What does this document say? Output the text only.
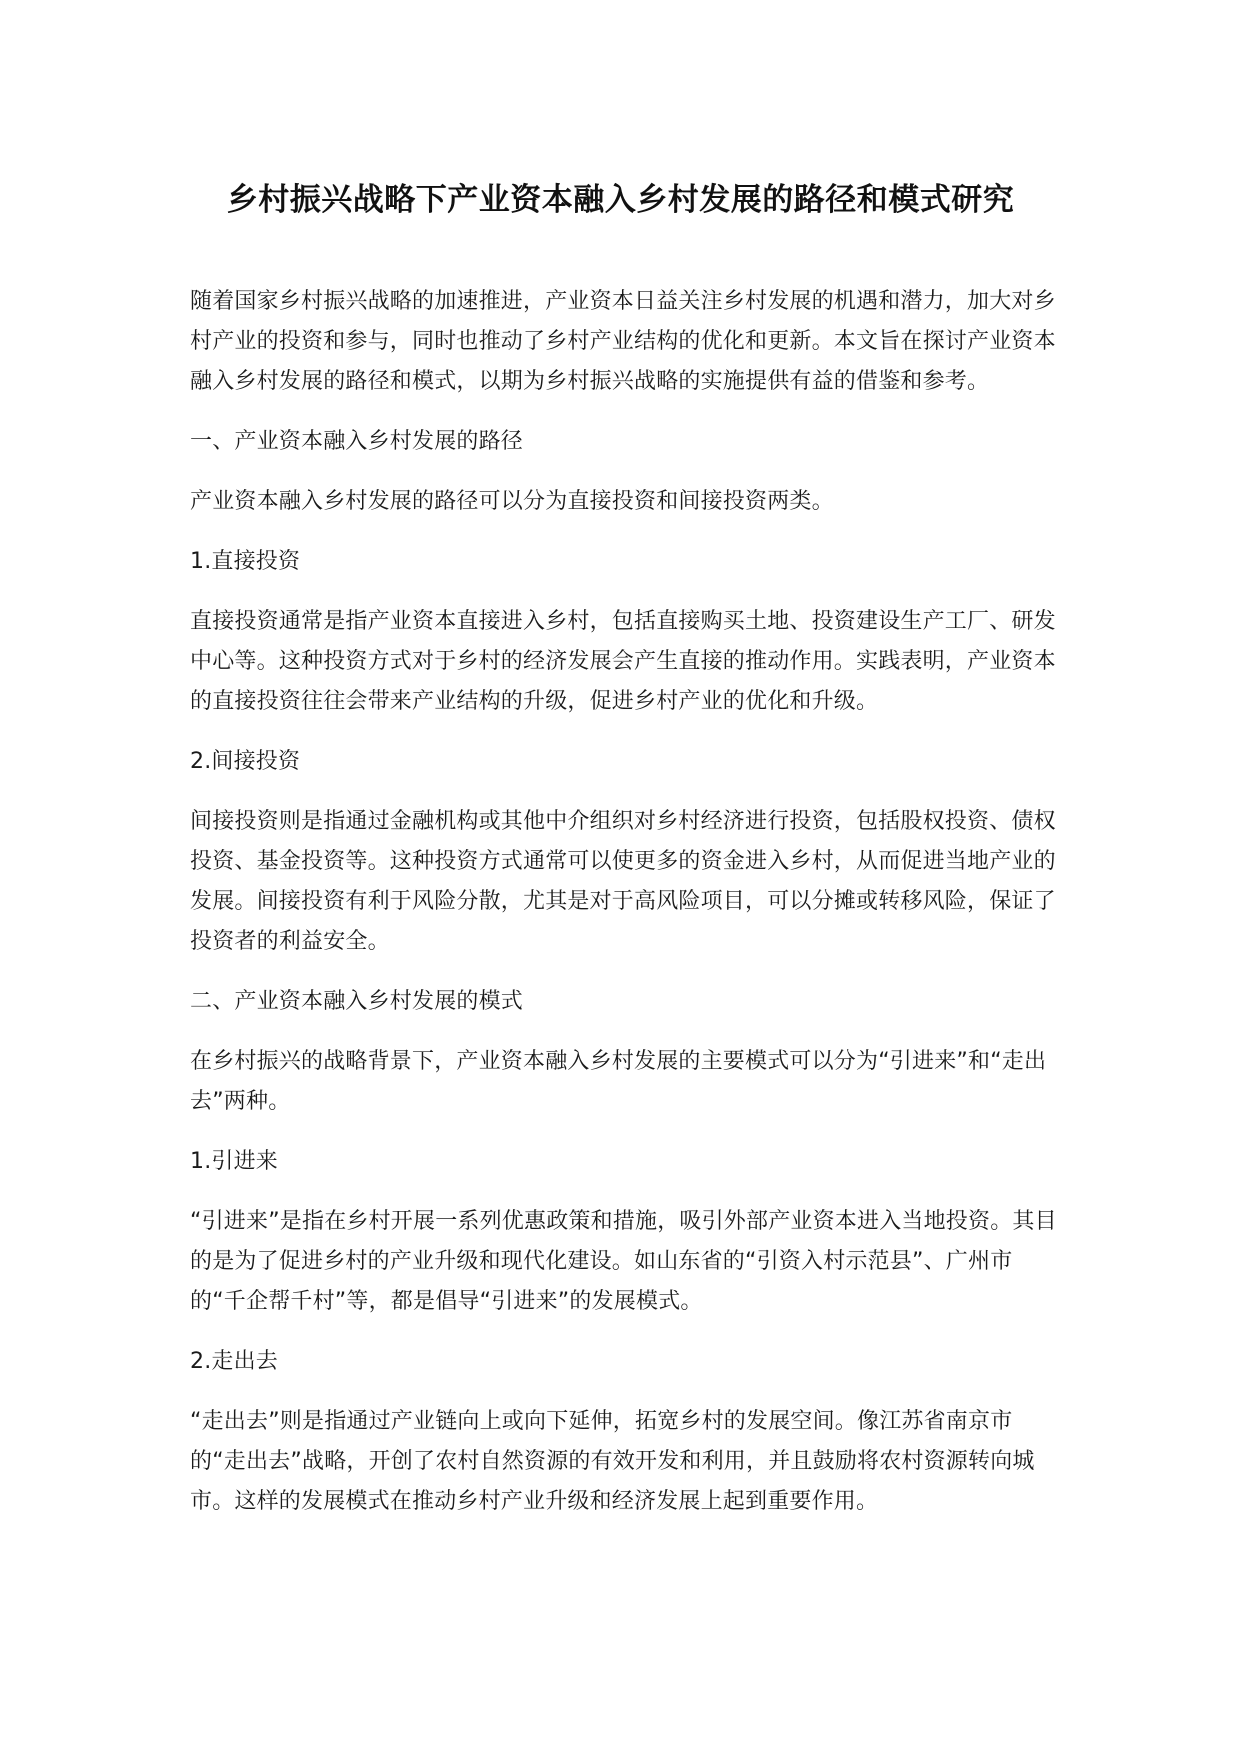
乡村振兴战略下产业资本融入乡村发展的路径和模式研究

随着国家乡村振兴战略的加速推进，产业资本日益关注乡村发展的机遇和潜力，加大对乡村产业的投资和参与，同时也推动了乡村产业结构的优化和更新。本文旨在探讨产业资本融入乡村发展的路径和模式，以期为乡村振兴战略的实施提供有益的借鉴和参考。

一、产业资本融入乡村发展的路径

产业资本融入乡村发展的路径可以分为直接投资和间接投资两类。

1.直接投资

直接投资通常是指产业资本直接进入乡村，包括直接购买土地、投资建设生产工厂、研发中心等。这种投资方式对于乡村的经济发展会产生直接的推动作用。实践表明，产业资本的直接投资往往会带来产业结构的升级，促进乡村产业的优化和升级。

2.间接投资

间接投资则是指通过金融机构或其他中介组织对乡村经济进行投资，包括股权投资、债权投资、基金投资等。这种投资方式通常可以使更多的资金进入乡村，从而促进当地产业的发展。间接投资有利于风险分散，尤其是对于高风险项目，可以分摊或转移风险，保证了投资者的利益安全。

二、产业资本融入乡村发展的模式

在乡村振兴的战略背景下，产业资本融入乡村发展的主要模式可以分为“引进来”和“走出去”两种。

1.引进来

“引进来”是指在乡村开展一系列优惠政策和措施，吸引外部产业资本进入当地投资。其目的是为了促进乡村的产业升级和现代化建设。如山东省的“引资入村示范县”、广州市的“千企帮千村”等，都是倡导“引进来”的发展模式。

2.走出去

“走出去”则是指通过产业链向上或向下延伸，拓宽乡村的发展空间。像江苏省南京市的“走出去”战略，开创了农村自然资源的有效开发和利用，并且鼓励将农村资源转向城市。这样的发展模式在推动乡村产业升级和经济发展上起到重要作用。
